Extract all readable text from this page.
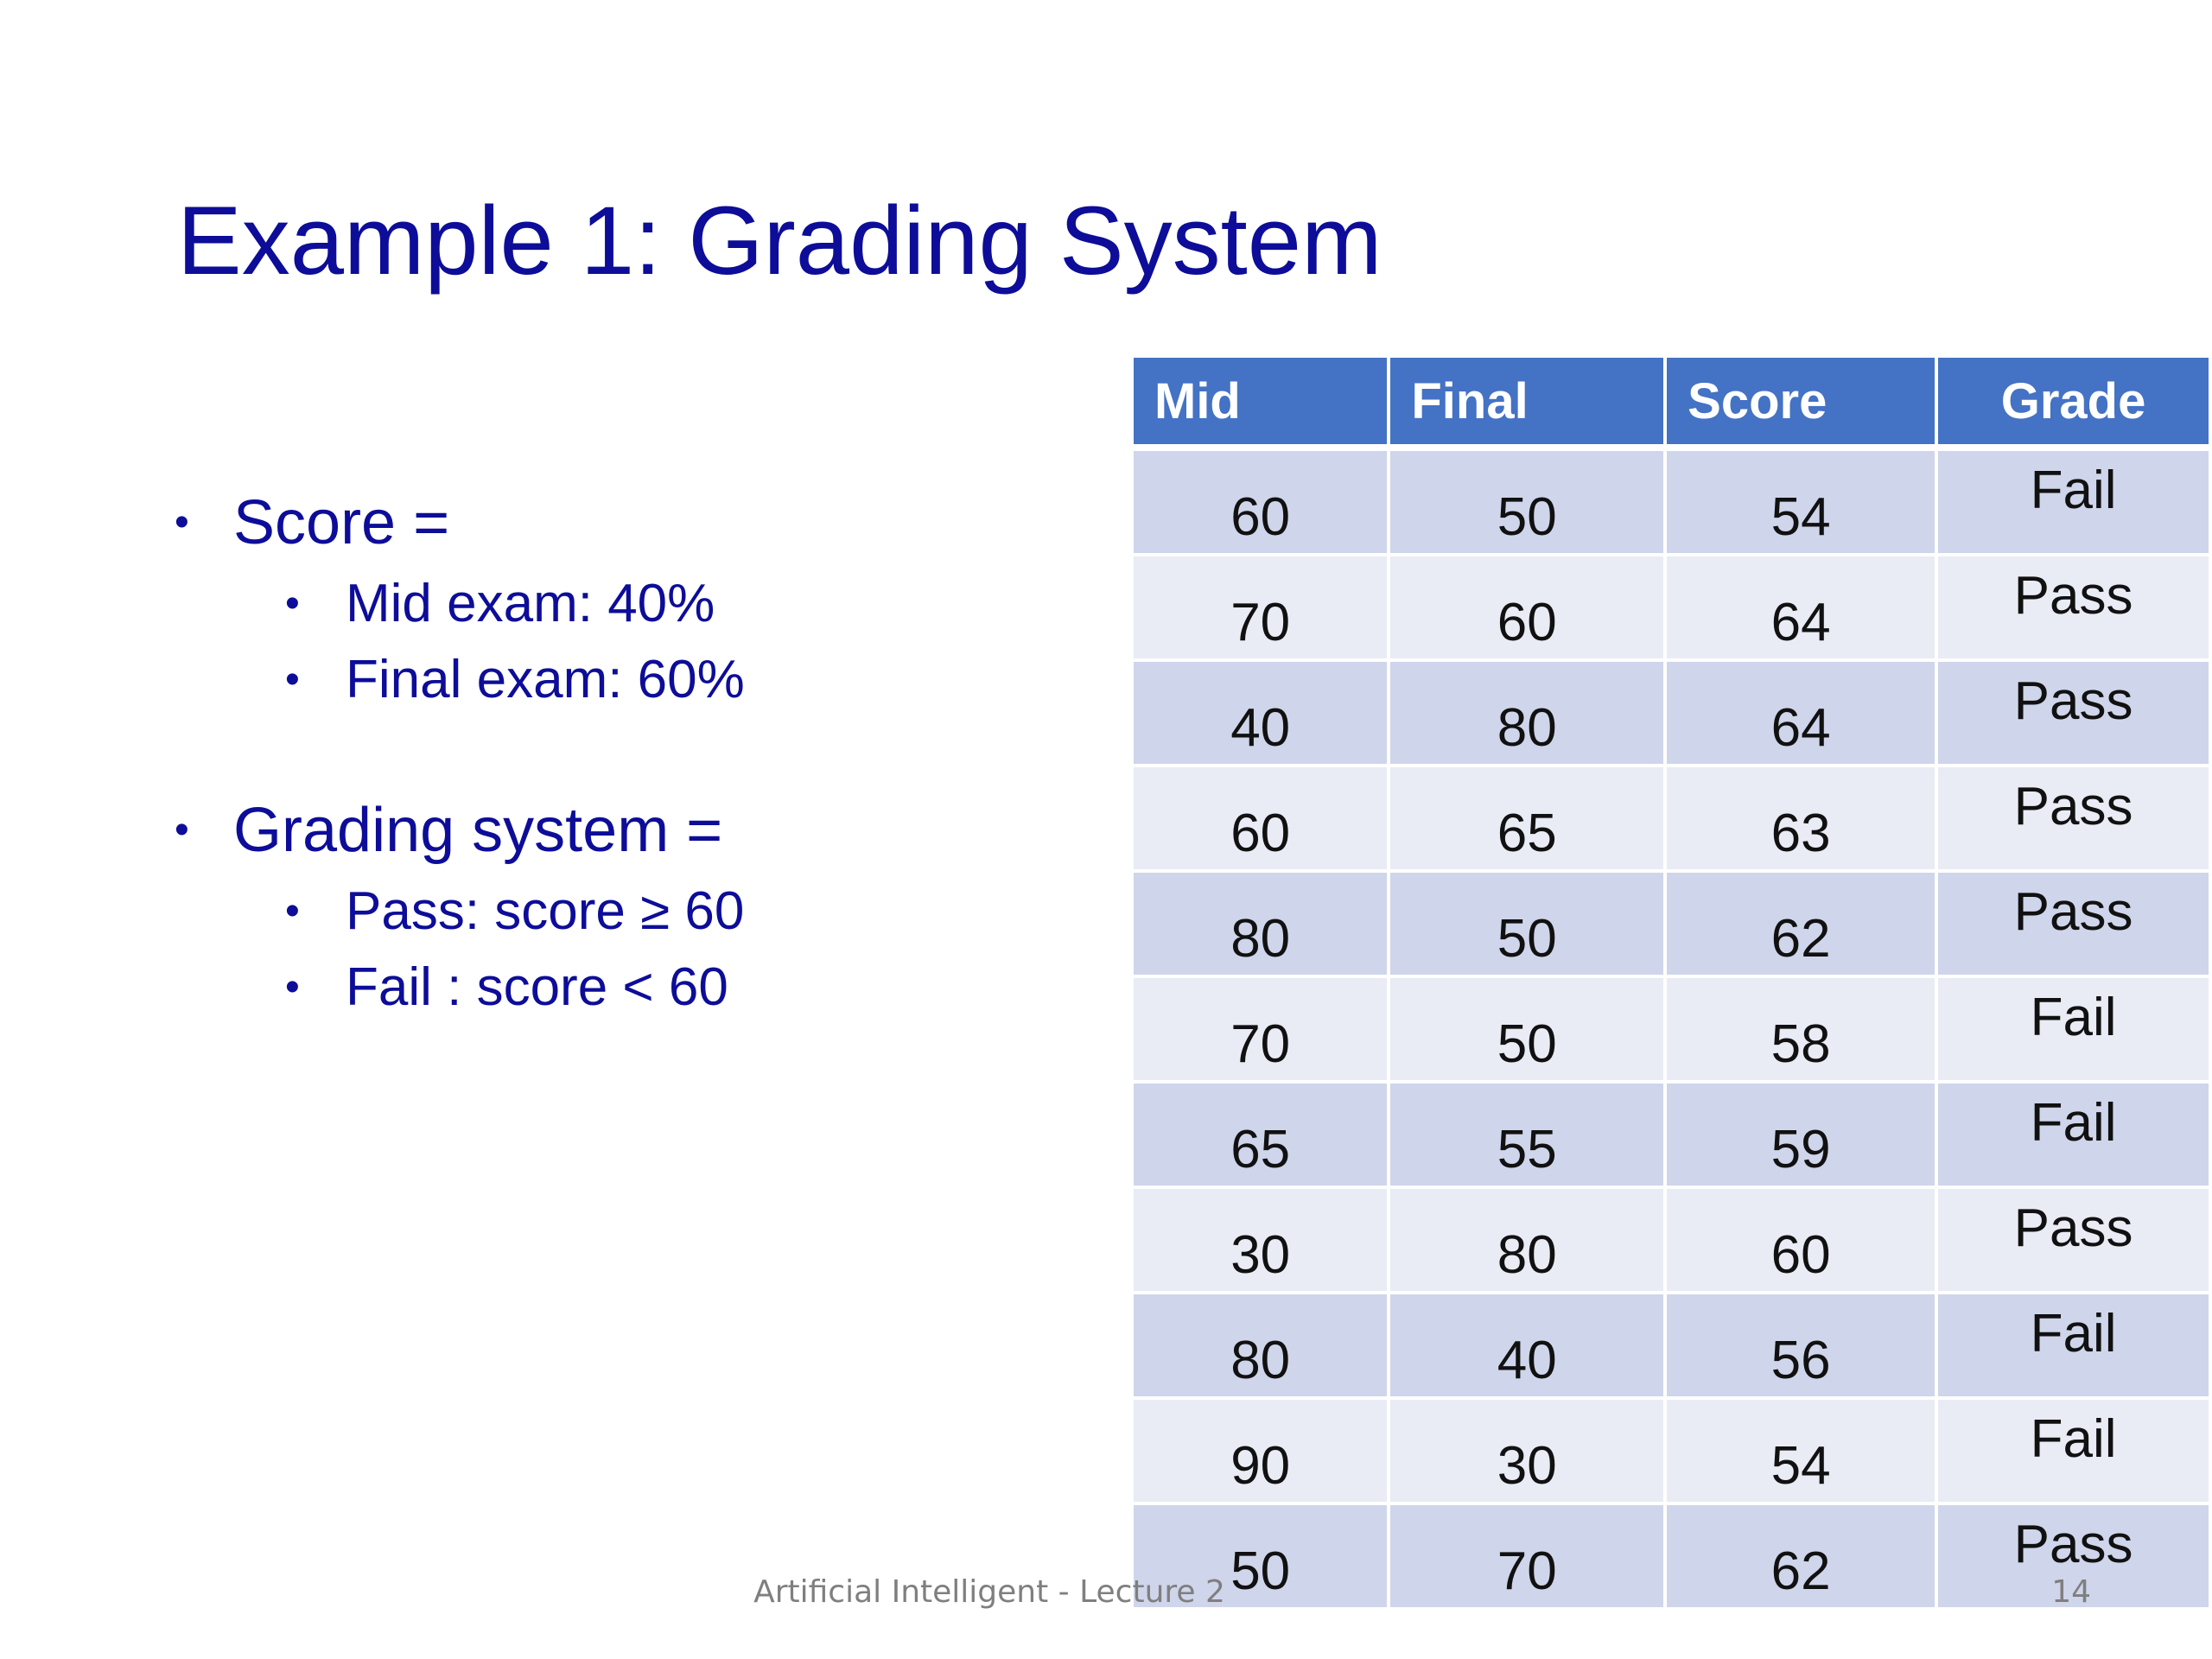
Example 1: Grading System
• Score =
• Mid exam: 40%
• Final exam: 60%
• Grading system =
• Pass: score ≥ 60
• Fail : score < 60
Mid	Final	Score	Grade
60	50	54	Fail
70	60	64	Pass
40	80	64	Pass
60	65	63	Pass
80	50	62	Pass
70	50	58	Fail
65	55	59	Fail
30	80	60	Pass
80	40	56	Fail
90	30	54	Fail
50	70	62	Pass
Artificial Intelligent - Lecture 2	14
